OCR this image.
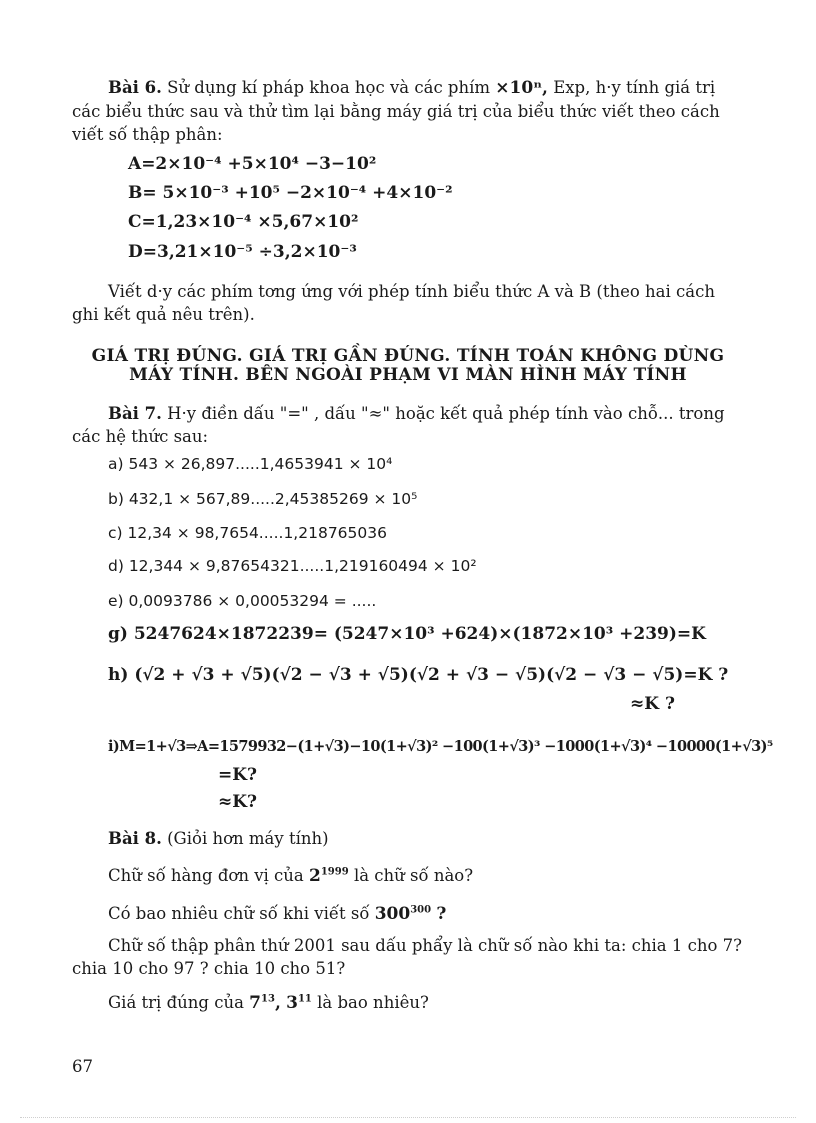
Bài 6. Sử dụng kí pháp khoa học và các phím ×10ⁿ, Exp, h·y tính giá trị
các biểu thức sau và thử tìm lại bằng máy giá trị của biểu thức viết theo cách
viết số thập phân:
A=2×10⁻⁴ +5×10⁴ −3−10²
B= 5×10⁻³ +10⁵ −2×10⁻⁴ +4×10⁻²
C=1,23×10⁻⁴ ×5,67×10²
D=3,21×10⁻⁵ ÷3,2×10⁻³
Viết d·y các phím tơng ứng với phép tính biểu thức A và B (theo hai cách
ghi kết quả nêu trên).
GIÁ TRỊ ĐÚNG. GIÁ TRỊ GẦN ĐÚNG. TÍNH TOÁN KHÔNG DÙNG
MÁY TÍNH. BÊN NGOÀI PHẠM VI MÀN HÌNH MÁY TÍNH
Bài 7. H·y điền dấu "=" , dấu "≈" hoặc kết quả phép tính vào chỗ... trong
các hệ thức sau:
a) 543 × 26,897.....1,4653941 × 10⁴
b) 432,1 × 567,89.....2,45385269 × 10⁵
c) 12,34 × 98,7654.....1,218765036
d) 12,344 × 9,87654321.....1,219160494 × 10²
e) 0,0093786 × 0,00053294 = .....
g) 5247624×1872239= (5247×10³ +624)×(1872×10³ +239)=K
h) (√2 + √3 + √5)(√2 − √3 + √5)(√2 + √3 − √5)(√2 − √3 − √5)=K ?
≈K ?
i)M=1+√3⇒A=1579932−(1+√3)−10(1+√3)² −100(1+√3)³ −1000(1+√3)⁴ −10000(1+√3)⁵
=K?
≈K?
Bài 8. (Giỏi hơn máy tính)
Chữ số hàng đơn vị của $2^{1999}$ là chữ số nào?
Có bao nhiêu chữ số khi viết số $300^{300}$ ?
Chữ số thập phân thứ 2001 sau dấu phẩy là chữ số nào khi ta: chia 1 cho 7?
chia 10 cho 97 ? chia 10 cho 51?
Giá trị đúng của $7^{13}$, $3^{11}$ là bao nhiêu?
67
